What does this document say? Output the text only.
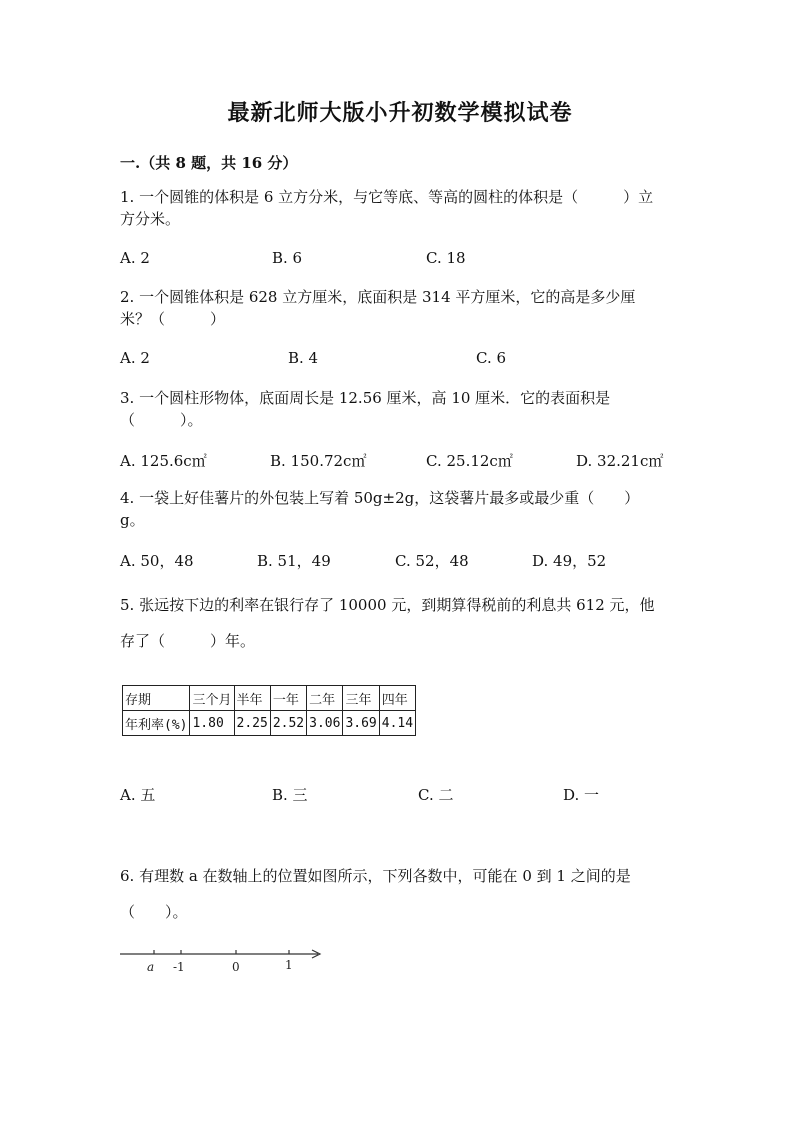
最新北师大版小升初数学模拟试卷
一.（共 8 题，共 16 分）
1. 一个圆锥的体积是 6 立方分米，与它等底、等高的圆柱的体积是（　　　）立
方分米。
A. 2	B. 6	C. 18
2. 一个圆锥体积是 628 立方厘米，底面积是 314 平方厘米，它的高是多少厘
米？（　　　）
A. 2	B. 4	C. 6
3. 一个圆柱形物体，底面周长是 12.56 厘米，高 10 厘米．它的表面积是
（　　　）。
A. 125.6c㎡	B. 150.72c㎡	C. 25.12c㎡	D. 32.21c㎡
4. 一袋上好佳薯片的外包装上写着 50g±2g，这袋薯片最多或最少重（　　）
g。
A. 50，48	B. 51，49	C. 52，48	D. 49，52
5. 张远按下边的利率在银行存了 10000 元，到期算得税前的利息共 612 元，他
存了（　　　）年。
存期	三个月	半年	一年	二年	三年	四年
年利率(%)	1.80	2.25	2.52	3.06	3.69	4.14
A. 五	B. 三	C. 二	D. 一
6. 有理数 a 在数轴上的位置如图所示，下列各数中，可能在 0 到 1 之间的是
（　　）。
a -1	0	1
